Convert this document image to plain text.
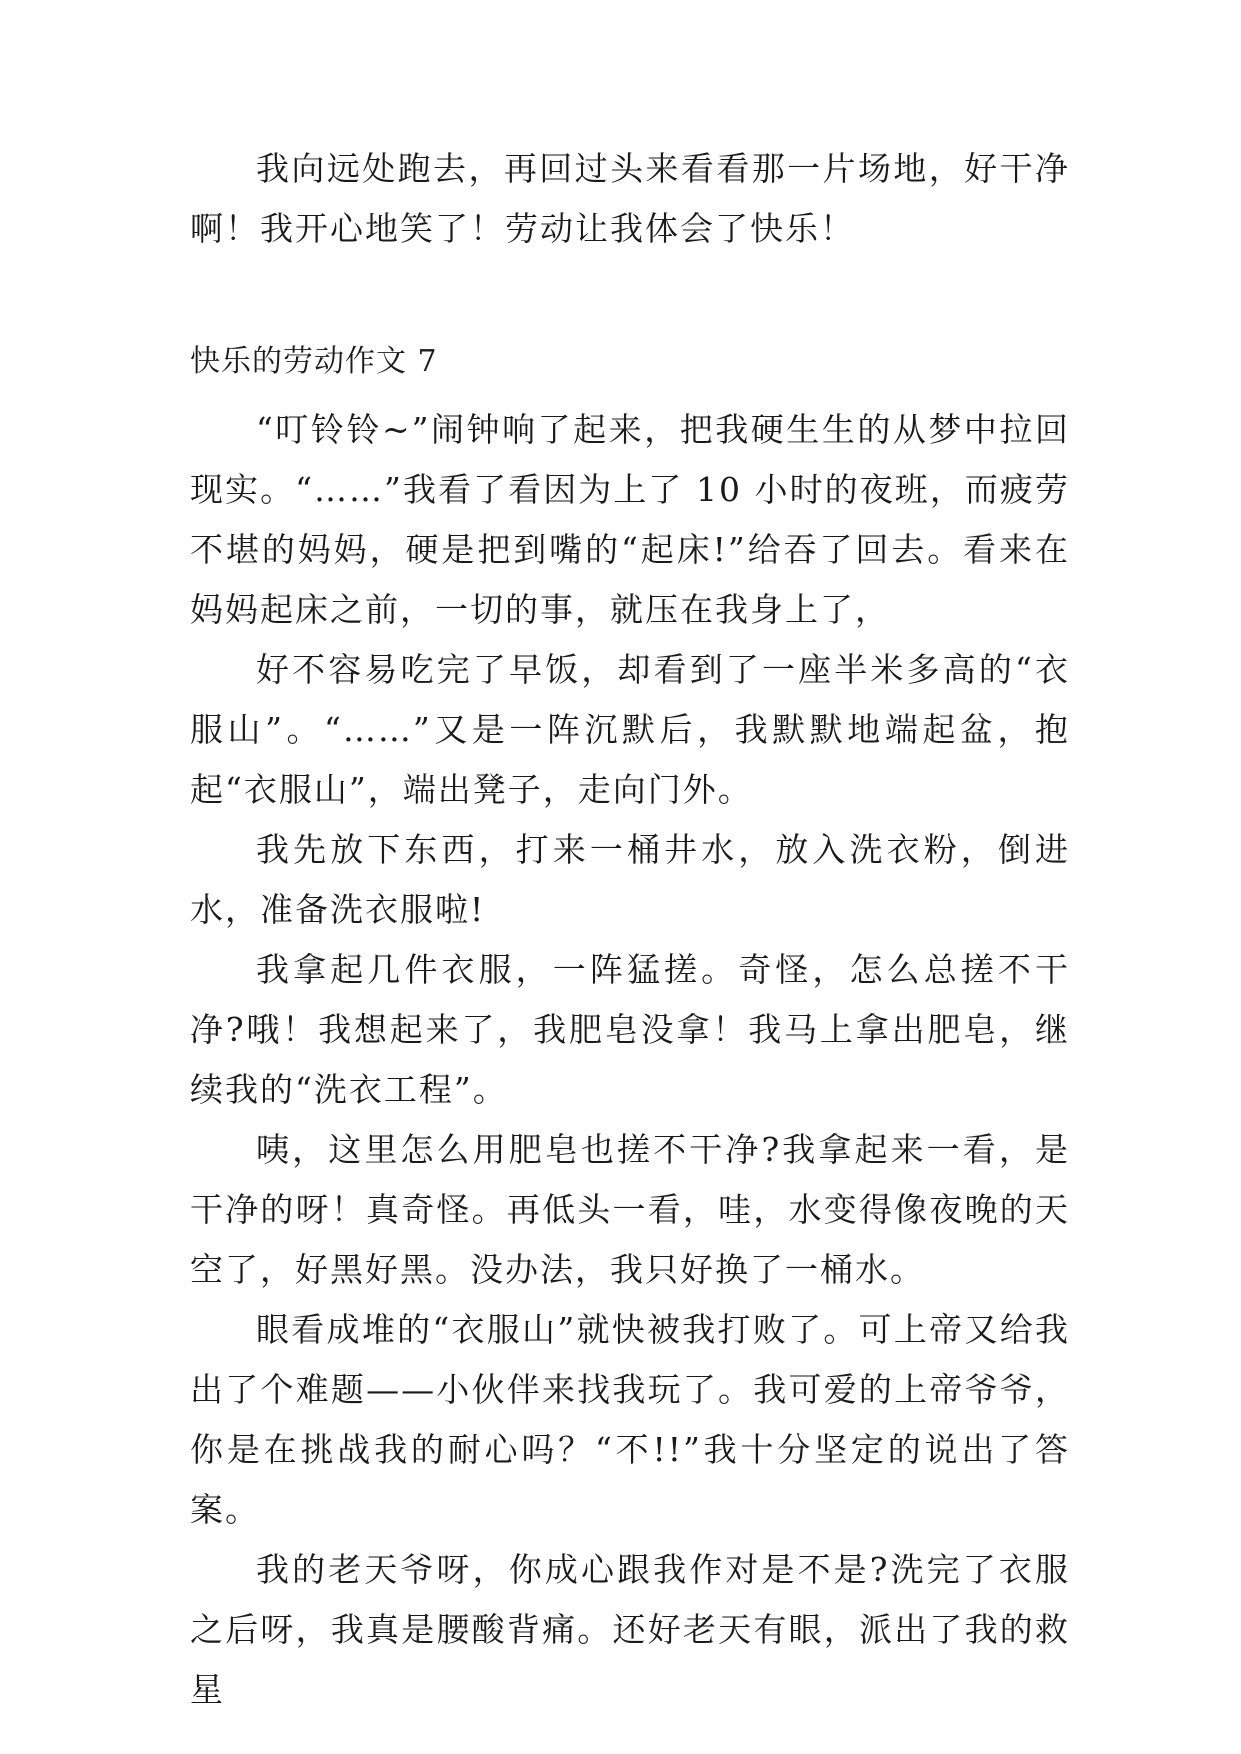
我向远处跑去，再回过头来看看那一片场地，好干净啊！我开心地笑了！劳动让我体会了快乐！

快乐的劳动作文 7

“叮铃铃~”闹钟响了起来，把我硬生生的从梦中拉回现实。“……”我看了看因为上了 10 小时的夜班，而疲劳不堪的妈妈，硬是把到嘴的“起床!”给吞了回去。看来在妈妈起床之前，一切的事，就压在我身上了，

好不容易吃完了早饭，却看到了一座半米多高的“衣服山”。“……”又是一阵沉默后，我默默地端起盆，抱起“衣服山”，端出凳子，走向门外。

我先放下东西，打来一桶井水，放入洗衣粉，倒进水，准备洗衣服啦!

我拿起几件衣服，一阵猛搓。奇怪，怎么总搓不干净?哦！我想起来了，我肥皂没拿！我马上拿出肥皂，继续我的“洗衣工程”。

咦，这里怎么用肥皂也搓不干净?我拿起来一看，是干净的呀！真奇怪。再低头一看，哇，水变得像夜晚的天空了，好黑好黑。没办法，我只好换了一桶水。

眼看成堆的“衣服山”就快被我打败了。可上帝又给我出了个难题——小伙伴来找我玩了。我可爱的上帝爷爷，你是在挑战我的耐心吗？“不!!”我十分坚定的说出了答案。

我的老天爷呀，你成心跟我作对是不是?洗完了衣服之后呀，我真是腰酸背痛。还好老天有眼，派出了我的救星
